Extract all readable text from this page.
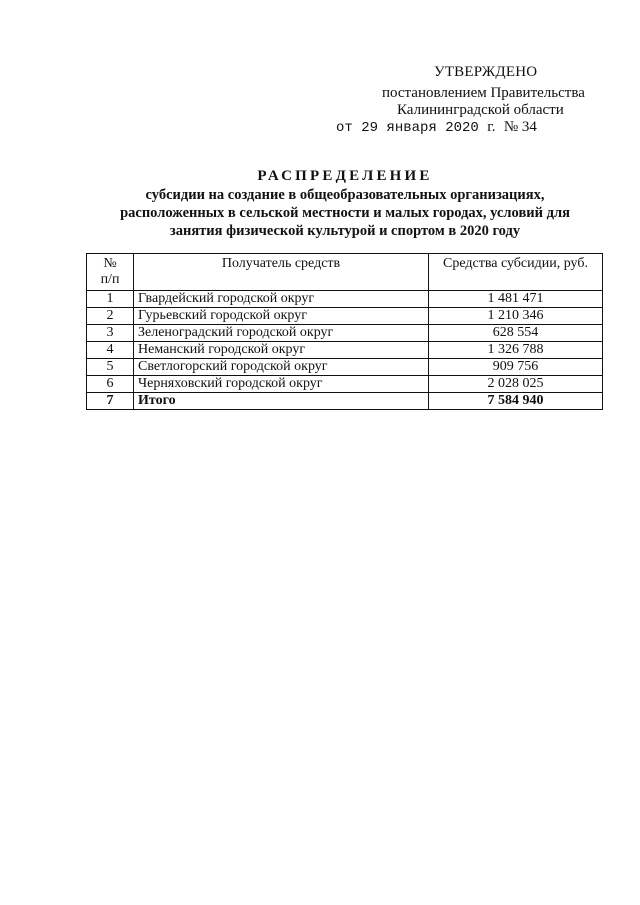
УТВЕРЖДЕНО
постановлением Правительства
Калининградской области
от 29 января 2020 г. № 34
РАСПРЕДЕЛЕНИЕ
субсидии на создание в общеобразовательных организациях,
расположенных в сельской местности и малых городах, условий для
занятия физической культурой и спортом в 2020 году
№
п/п	Получатель средств	Средства субсидии, руб.
1	Гвардейский городской округ	1 481 471
2	Гурьевский городской округ	1 210 346
3	Зеленоградский городской округ	628 554
4	Неманский городской округ	1 326 788
5	Светлогорский городской округ	909 756
6	Черняховский городской округ	2 028 025
7	Итого	7 584 940
